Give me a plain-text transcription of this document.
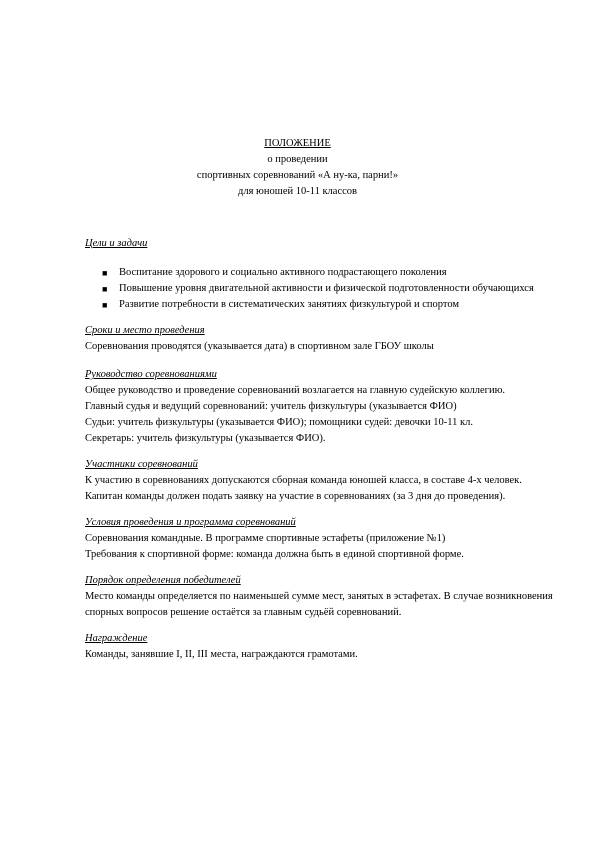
ПОЛОЖЕНИЕ
о проведении
спортивных соревнований «А ну-ка, парни!»
для юношей 10-11 классов

Цели и задачи

■ Воспитание здорового и социально активного подрастающего поколения
■ Повышение уровня двигательной активности и физической подготовленности обучающихся
■ Развитие потребности в систематических занятиях физкультурой и спортом

Сроки и место проведения

Соревнования проводятся (указывается дата) в спортивном зале ГБОУ школы

Руководство соревнованиями

Общее руководство и проведение соревнований возлагается на главную судейскую коллегию.

Главный судья и ведущий соревнований: учитель физкультуры (указывается ФИО)

Судьи: учитель физкультуры (указывается ФИО); помощники судей: девочки 10-11 кл.

Секретарь: учитель физкультуры (указывается ФИО).

Участники соревнований

К участию в соревнованиях допускаются сборная команда юношей класса, в составе 4-х человек. Капитан команды должен подать заявку на участие в соревнованиях (за 3 дня до проведения).

Условия проведения и программа соревнований

Соревнования командные. В программе спортивные эстафеты (приложение №1)

Требования к спортивной форме: команда должна быть в единой спортивной форме.

Порядок определения победителей

Место команды определяется по наименьшей сумме мест, занятых в эстафетах. В случае возникновения спорных вопросов решение остаётся за главным судьёй соревнований.

Награждение

Команды, занявшие I, II, III места, награждаются грамотами.
